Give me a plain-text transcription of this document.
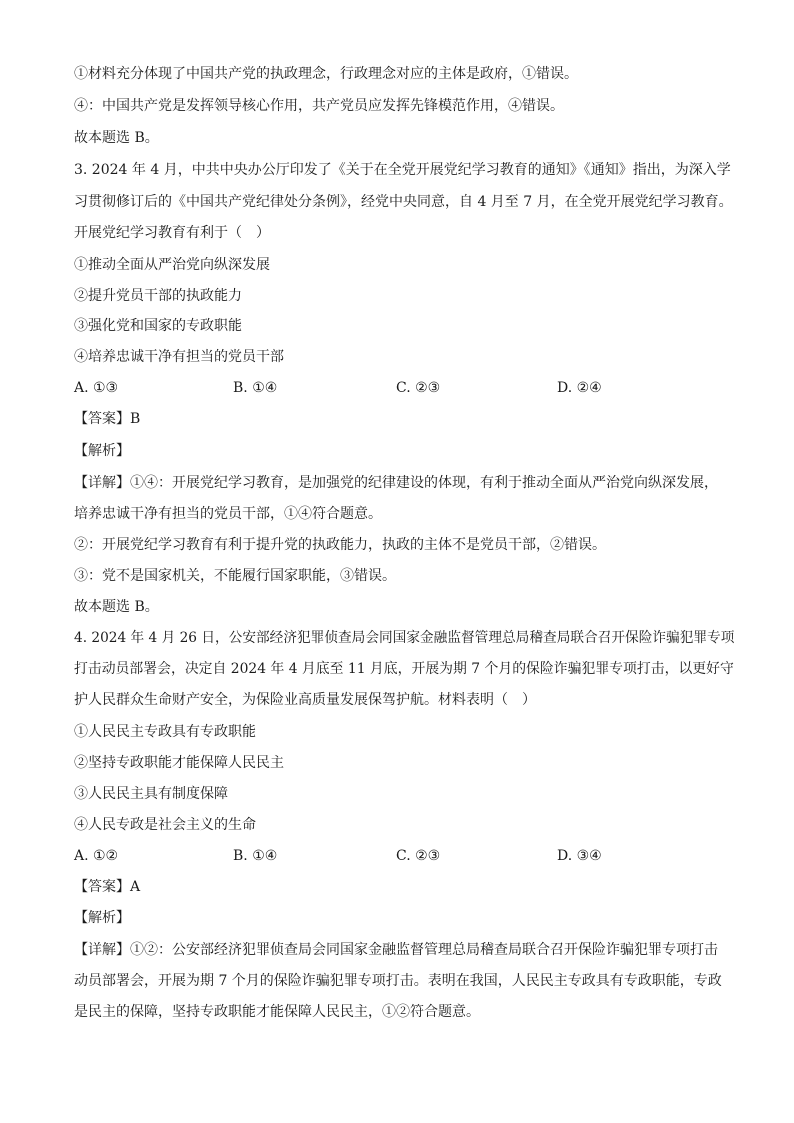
①材料充分体现了中国共产党的执政理念，行政理念对应的主体是政府，①错误。
④：中国共产党是发挥领导核心作用，共产党员应发挥先锋模范作用，④错误。
故本题选 B。
3. 2024 年 4 月，中共中央办公厅印发了《关于在全党开展党纪学习教育的通知》《通知》指出，为深入学
习贯彻修订后的《中国共产党纪律处分条例》，经党中央同意，自 4 月至 7 月，在全党开展党纪学习教育。
开展党纪学习教育有利于（　）
①推动全面从严治党向纵深发展
②提升党员干部的执政能力
③强化党和国家的专政职能
④培养忠诚干净有担当的党员干部
A. ①③	B. ①④	C. ②③	D. ②④
【答案】B
【解析】
【详解】①④：开展党纪学习教育，是加强党的纪律建设的体现，有利于推动全面从严治党向纵深发展，
培养忠诚干净有担当的党员干部，①④符合题意。
②：开展党纪学习教育有利于提升党的执政能力，执政的主体不是党员干部，②错误。
③：党不是国家机关，不能履行国家职能，③错误。
故本题选 B。
4. 2024 年 4 月 26 日，公安部经济犯罪侦查局会同国家金融监督管理总局稽查局联合召开保险诈骗犯罪专项
打击动员部署会，决定自 2024 年 4 月底至 11 月底，开展为期 7 个月的保险诈骗犯罪专项打击，以更好守
护人民群众生命财产安全，为保险业高质量发展保驾护航。材料表明（　）
①人民民主专政具有专政职能
②坚持专政职能才能保障人民民主
③人民民主具有制度保障
④人民专政是社会主义的生命
A. ①②	B. ①④	C. ②③	D. ③④
【答案】A
【解析】
【详解】①②：公安部经济犯罪侦查局会同国家金融监督管理总局稽查局联合召开保险诈骗犯罪专项打击
动员部署会，开展为期 7 个月的保险诈骗犯罪专项打击。表明在我国，人民民主专政具有专政职能，专政
是民主的保障，坚持专政职能才能保障人民民主，①②符合题意。
